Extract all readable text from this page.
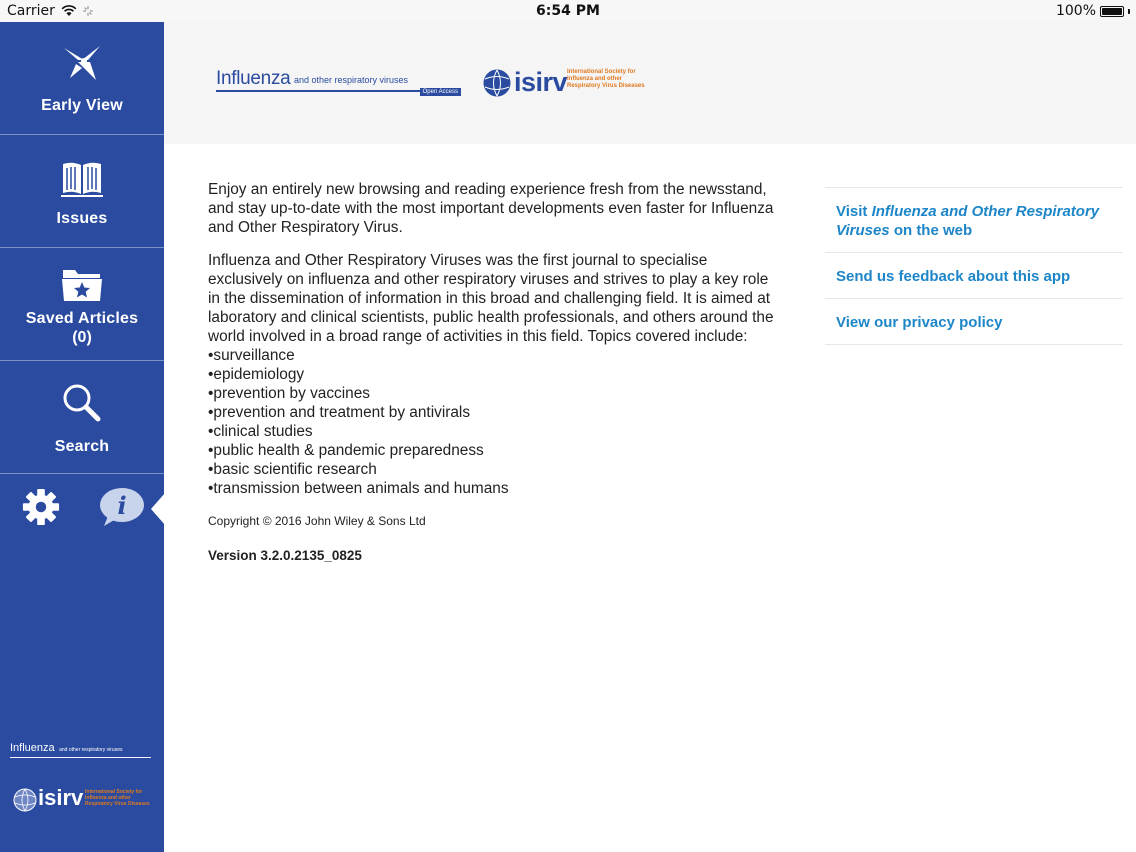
Carrier	6:54 PM	100%
Early View
Issues
Saved Articles
(0)
Search
i
Influenza and other respiratory viruses
isirv International Society for
Influenza and other
Respiratory Virus Diseases
Influenza and other respiratory viruses
Open Access isirv International Society for
Influenza and other
Respiratory Virus Diseases

Enjoy an entirely new browsing and reading experience fresh from the newsstand, and stay up-to-date with the most important developments even faster for Influenza and Other Respiratory Virus.

Influenza and Other Respiratory Viruses was the first journal to specialise exclusively on influenza and other respiratory viruses and strives to play a key role in the dissemination of information in this broad and challenging field. It is aimed at laboratory and clinical scientists, public health professionals, and others around the world involved in a broad range of activities in this field. Topics covered include:

•surveillance
•epidemiology
•prevention by vaccines
•prevention and treatment by antivirals
•clinical studies
•public health & pandemic preparedness
•basic scientific research
•transmission between animals and humans
Copyright © 2016 John Wiley & Sons Ltd
Version 3.2.0.2135_0825
Visit Influenza and Other Respiratory Viruses on the web
Send us feedback about this app
View our privacy policy
